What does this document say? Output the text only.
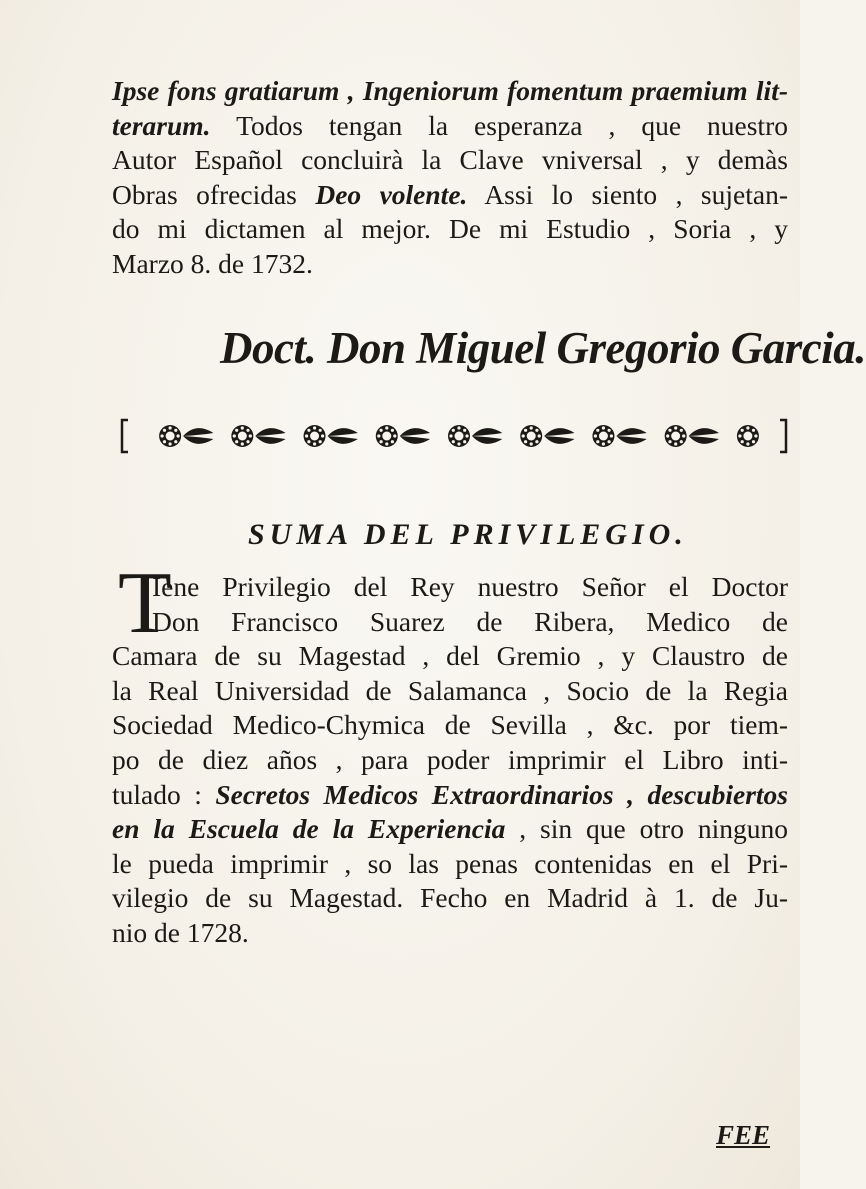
Ipse fons gratiarum , Ingeniorum fomentum praemium lit-
terarum. Todos tengan la esperanza , que nuestro
Autor Español concluirà la Clave vniversal , y demàs
Obras ofrecidas Deo volente. Assi lo siento , sujetan-
do mi dictamen al mejor. De mi Estudio , Soria , y
Marzo 8. de 1732.
Doct. Don Miguel Gregorio Garcia.
SUMA DEL PRIVILEGIO.
T
Iene Privilegio del Rey nuestro Señor el Doctor
Don Francisco Suarez de Ribera, Medico de
Camara de su Magestad , del Gremio , y Claustro de
la Real Universidad de Salamanca , Socio de la Regia
Sociedad Medico-Chymica de Sevilla , &c. por tiem-
po de diez años , para poder imprimir el Libro inti-
tulado : Secretos Medicos Extraordinarios , descubiertos
en la Escuela de la Experiencia , sin que otro ninguno
le pueda imprimir , so las penas contenidas en el Pri-
vilegio de su Magestad. Fecho en Madrid à 1. de Ju-
nio de 1728.
FEE
